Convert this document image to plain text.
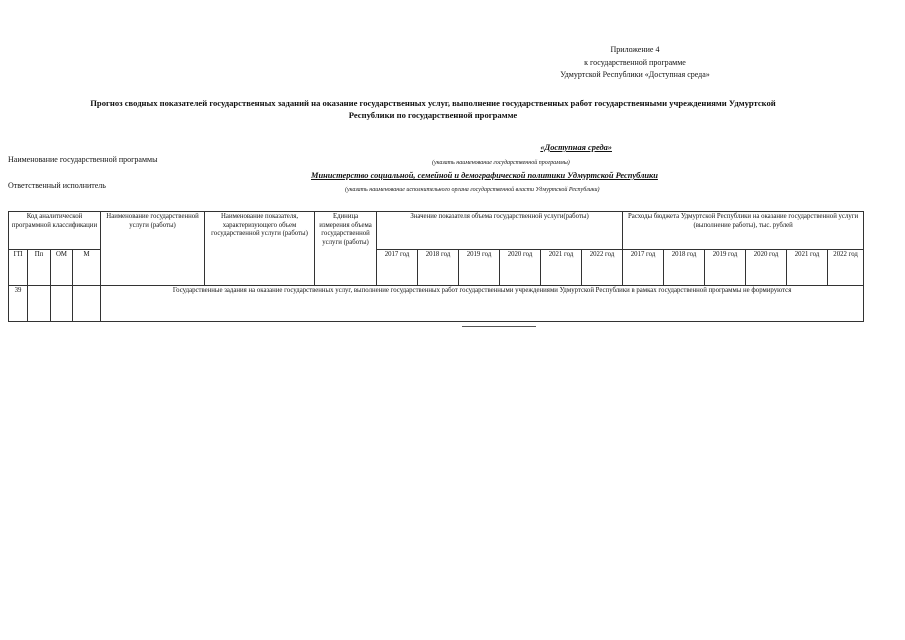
Приложение 4
к государственной программе
Удмуртской Республики «Доступная среда»
Прогноз сводных показателей государственных заданий на оказание государственных услуг, выполнение государственных работ государственными учреждениями Удмуртской
Республики по государственной программе
Наименование государственной программы
«Доступная среда»
(указать наименование государственной программы)
Ответственный исполнитель
Министерство социальной, семейной и демографической политики Удмуртской Республики
(указать наименование исполнительного органа государственной власти Удмуртской Республики)
Код аналитической программной классификации				Наименование государственной услуги (работы)	Наименование показателя, характеризующего объем государственной услуги (работы)	Единица измерения объема государственной услуги (работы)	Значение показателя объема государственной услуги(работы)						Расходы бюджета Удмуртской Республики на оказание государственной услуги (выполнение работы), тыс. рублей					
ГП	Пп	ОМ	М				2017 год	2018 год	2019 год	2020 год	2021 год	2022 год	2017 год	2018 год	2019 год	2020 год	2021 год	2022 год
39				Государственные задания на оказание государственных услуг, выполнение государственных работ государственными учреждениями Удмуртской Республики в рамках государственной программы не формируются														
